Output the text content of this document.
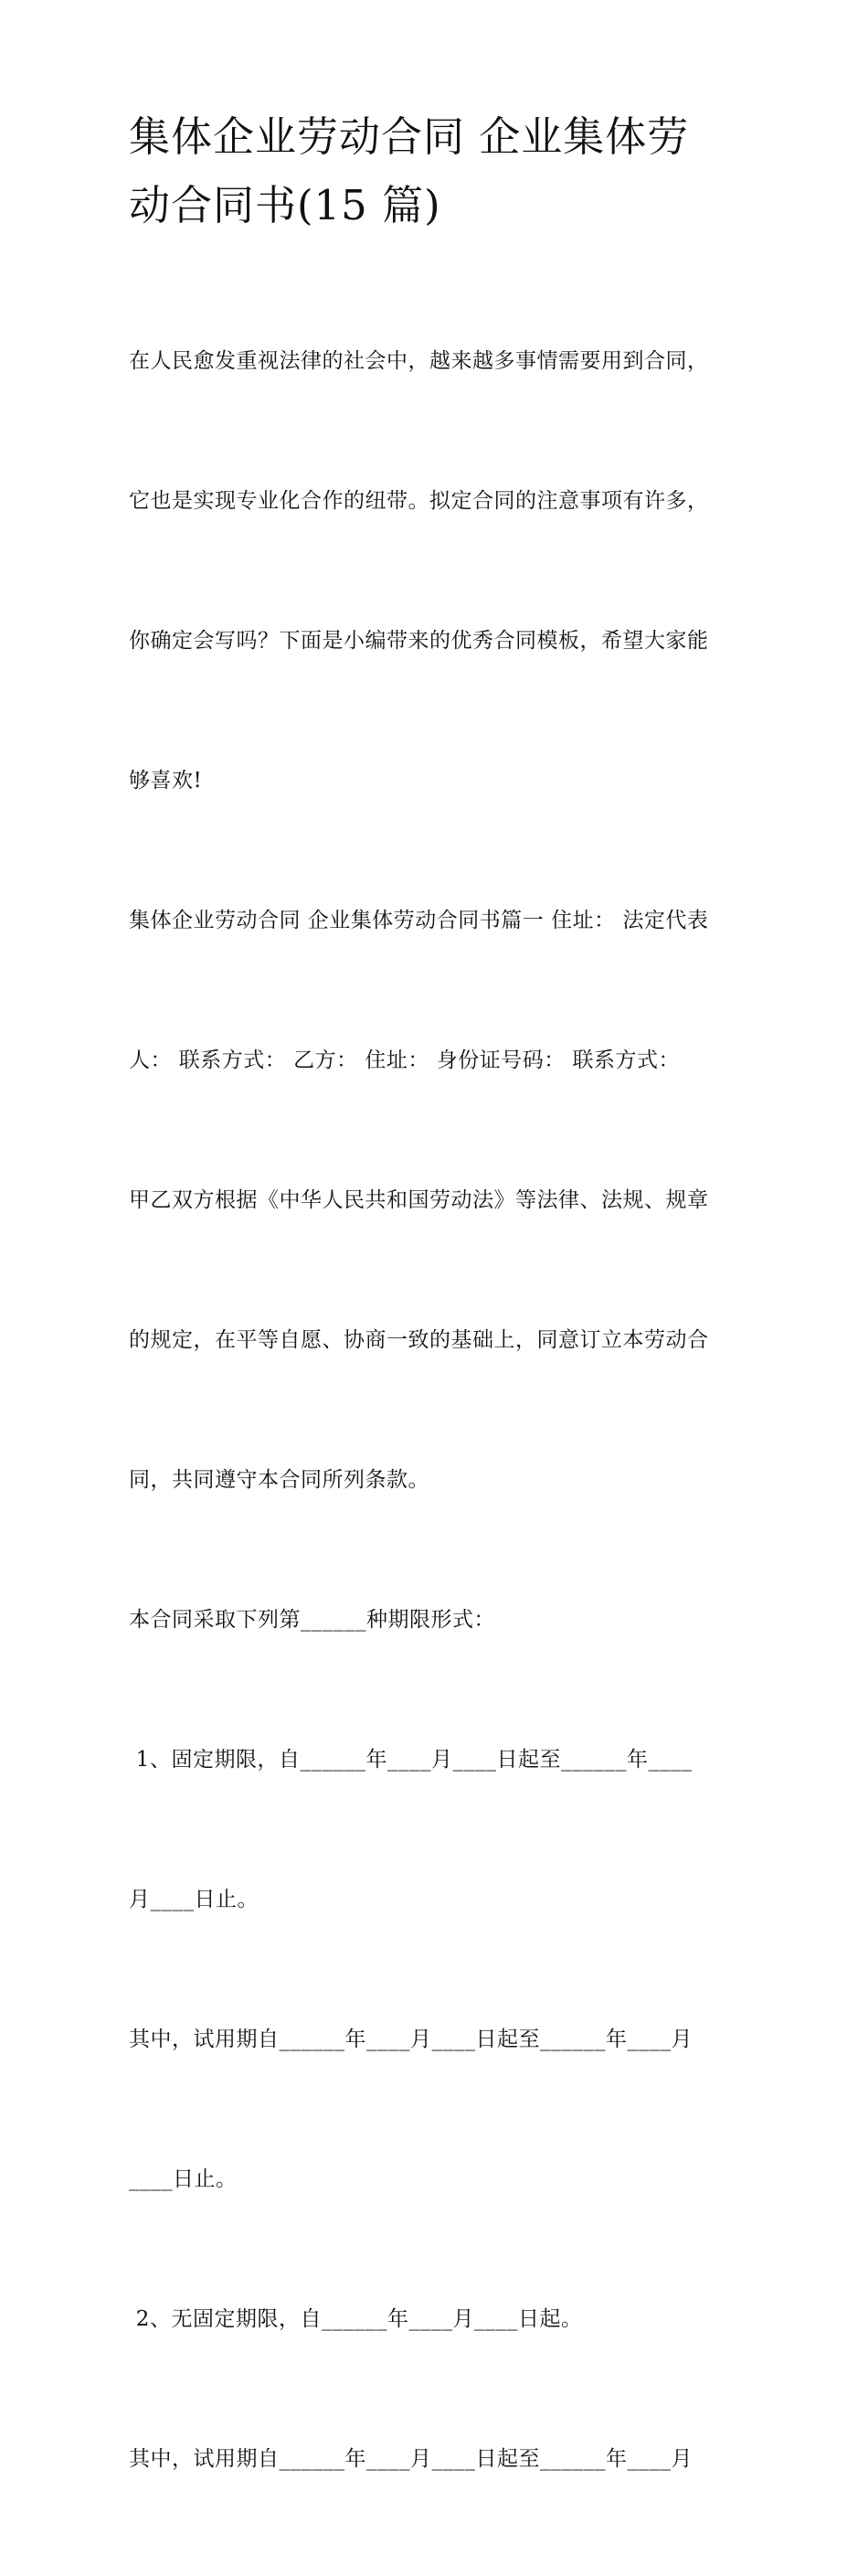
集体企业劳动合同 企业集体劳
动合同书(15 篇)

在人民愈发重视法律的社会中，越来越多事情需要用到合同，

它也是实现专业化合作的纽带。拟定合同的注意事项有许多，

你确定会写吗？下面是小编带来的优秀合同模板，希望大家能

够喜欢!

集体企业劳动合同 企业集体劳动合同书篇一 住址： 法定代表

人： 联系方式： 乙方： 住址： 身份证号码： 联系方式：

甲乙双方根据《中华人民共和国劳动法》等法律、法规、规章

的规定，在平等自愿、协商一致的基础上，同意订立本劳动合

同，共同遵守本合同所列条款。

本合同采取下列第______种期限形式：

1、固定期限，自______年____月____日起至______年____

月____日止。

其中，试用期自______年____月____日起至______年____月

____日止。

2、无固定期限，自______年____月____日起。

其中，试用期自______年____月____日起至______年____月
